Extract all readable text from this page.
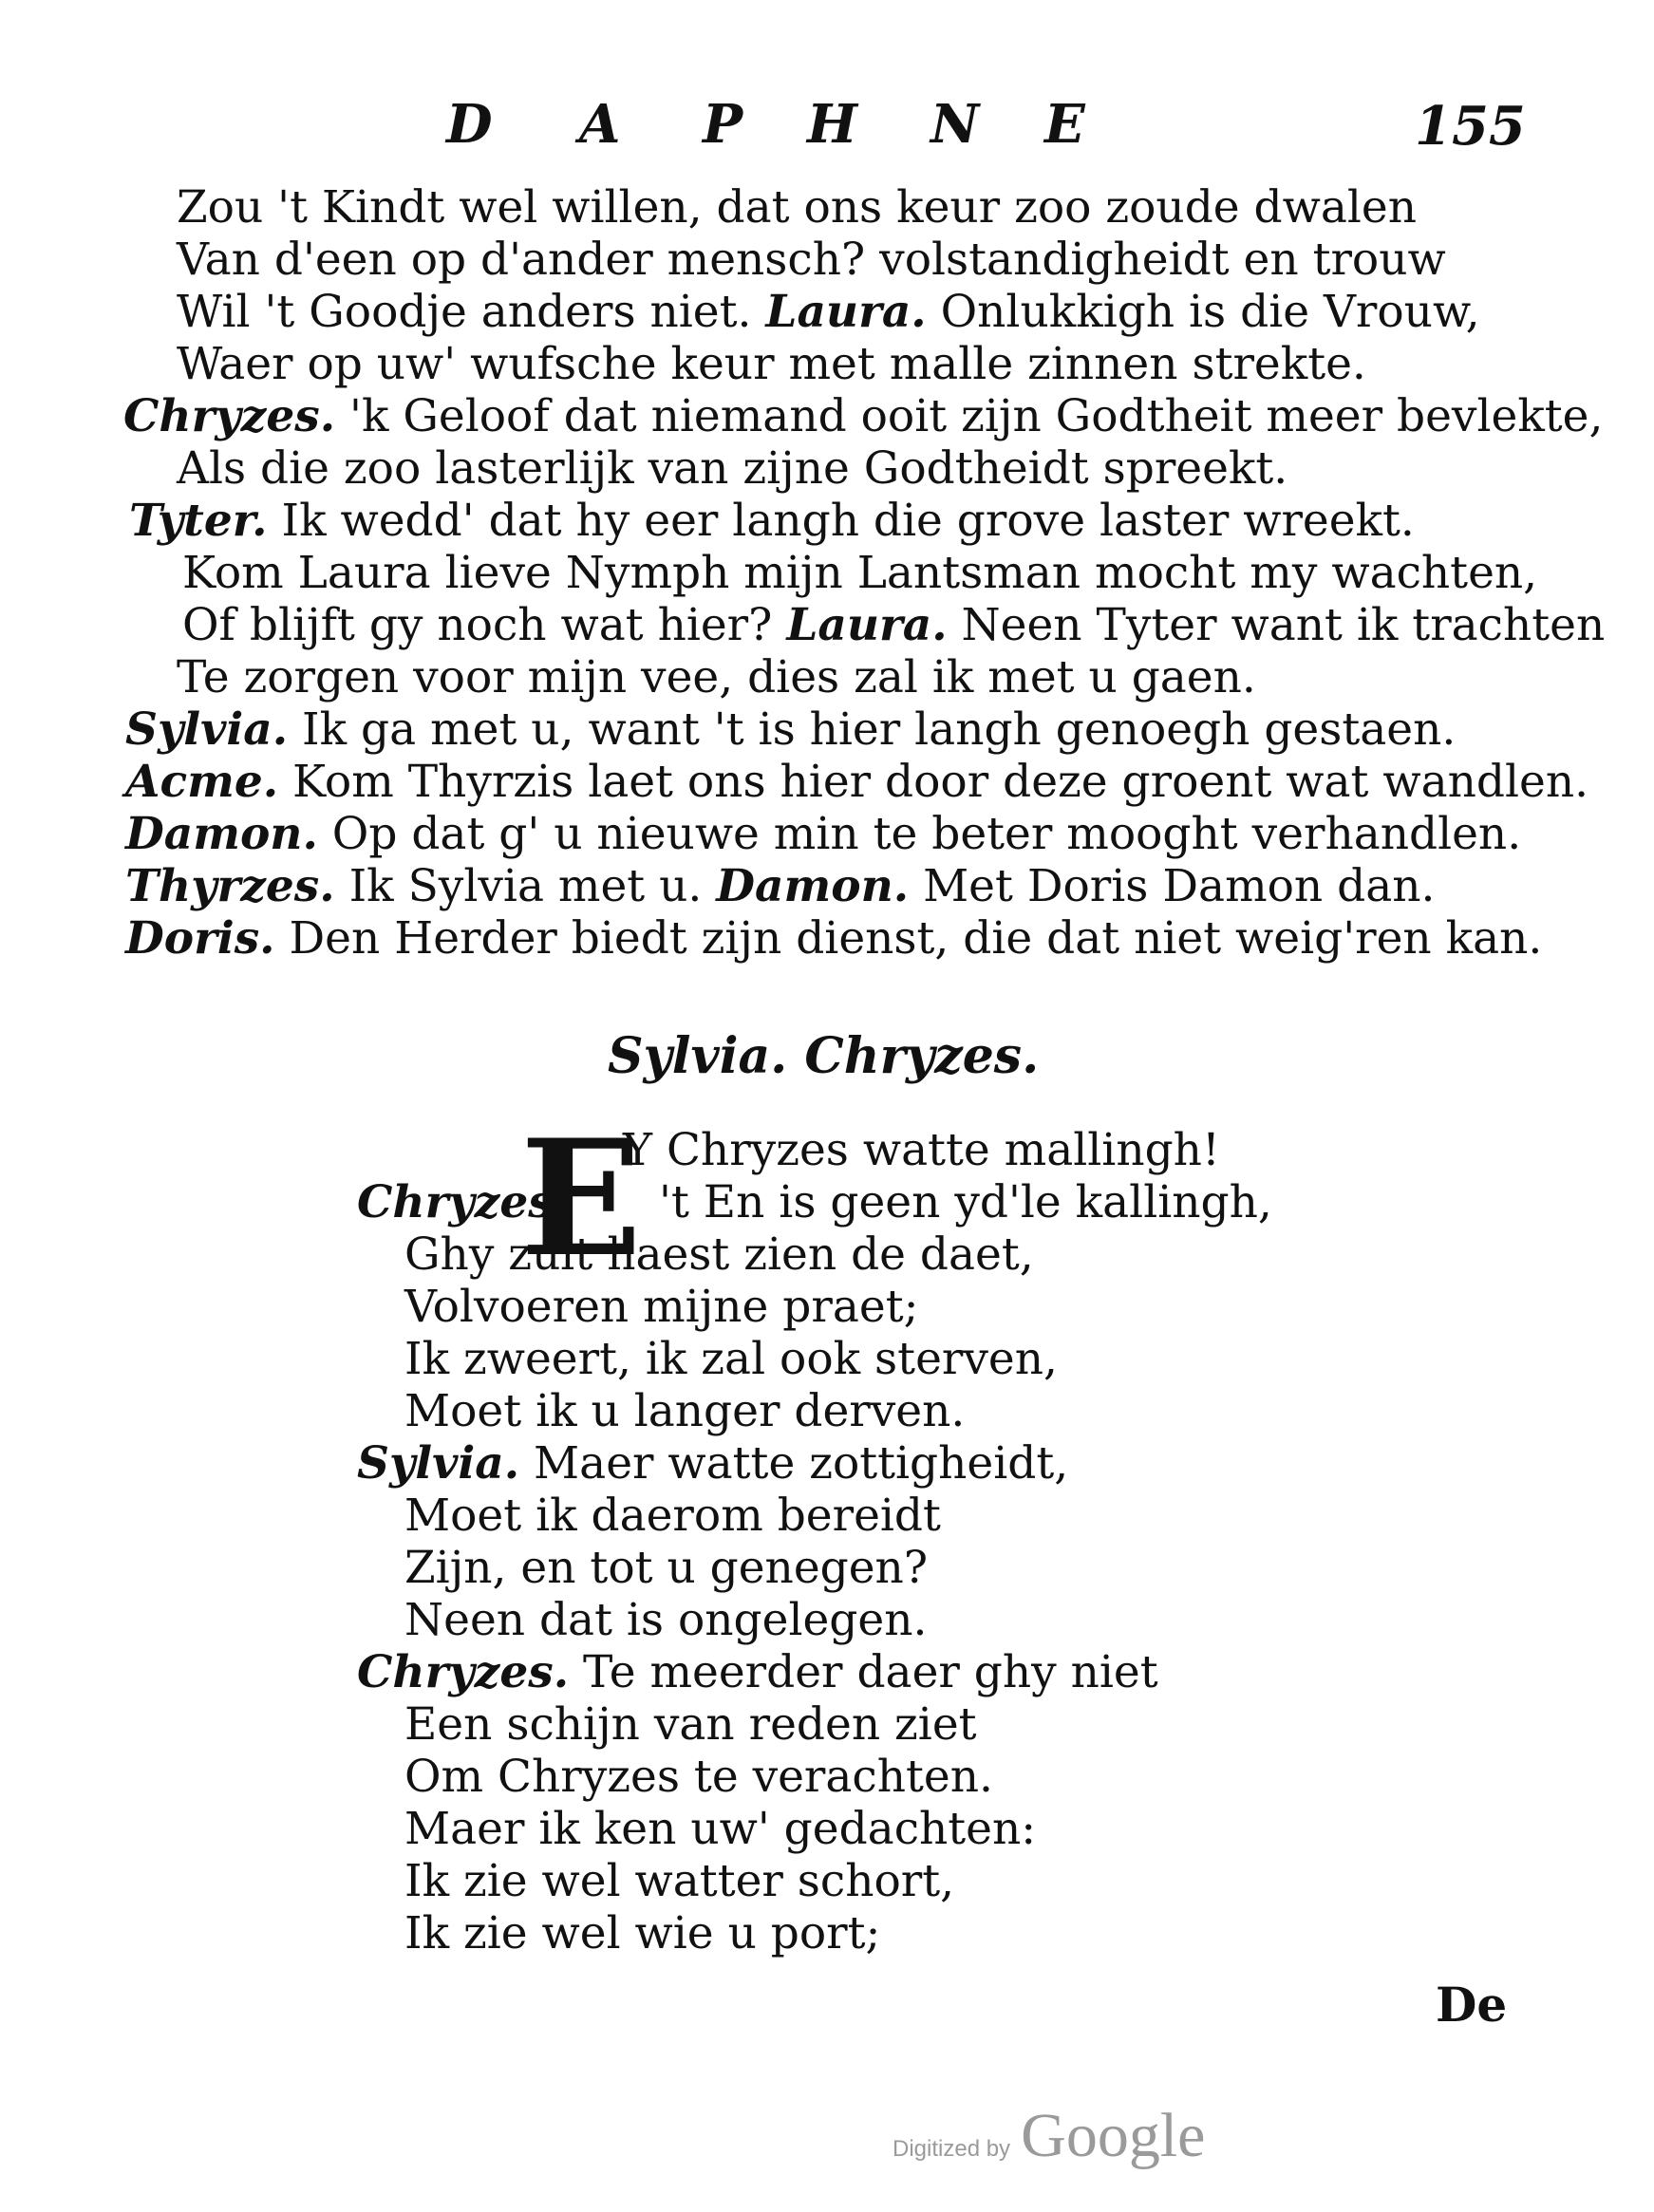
D A P H N E	155
Zou 't Kindt wel willen, dat ons keur zoo zoude dwalen
Van d'een op d'ander mensch? volstandigheidt en trouw
Wil 't Goodje anders niet. Laura. Onlukkigh is die Vrouw,
Waer op uw' wufsche keur met malle zinnen strekte.
Chryzes. 'k Geloof dat niemand ooit zijn Godtheit meer bevlekte,
Als die zoo lasterlijk van zijne Godtheidt spreekt.
Tyter. Ik wedd' dat hy eer langh die grove laster wreekt.
Kom Laura lieve Nymph mijn Lantsman mocht my wachten,
Of blijft gy noch wat hier? Laura. Neen Tyter want ik trachten
Te zorgen voor mijn vee, dies zal ik met u gaen.
Sylvia. Ik ga met u, want 't is hier langh genoegh gestaen.
Acme. Kom Thyrzis laet ons hier door deze groent wat wandlen.
Damon. Op dat g' u nieuwe min te beter mooght verhandlen.
Thyrzes. Ik Sylvia met u. Damon. Met Doris Damon dan.
Doris. Den Herder biedt zijn dienst, die dat niet weig'ren kan.
Sylvia. Chryzes.
E
Y Chryzes watte mallingh!
Chryzes. 't En is geen yd'le kallingh,
Ghy zult haest zien de daet,
Volvoeren mijne praet;
Ik zweert, ik zal ook sterven,
Moet ik u langer derven.
Sylvia. Maer watte zottigheidt,
Moet ik daerom bereidt
Zijn, en tot u genegen?
Neen dat is ongelegen.
Chryzes. Te meerder daer ghy niet
Een schijn van reden ziet
Om Chryzes te verachten.
Maer ik ken uw' gedachten:
Ik zie wel watter schort,
Ik zie wel wie u port;
De
Digitized by Google
